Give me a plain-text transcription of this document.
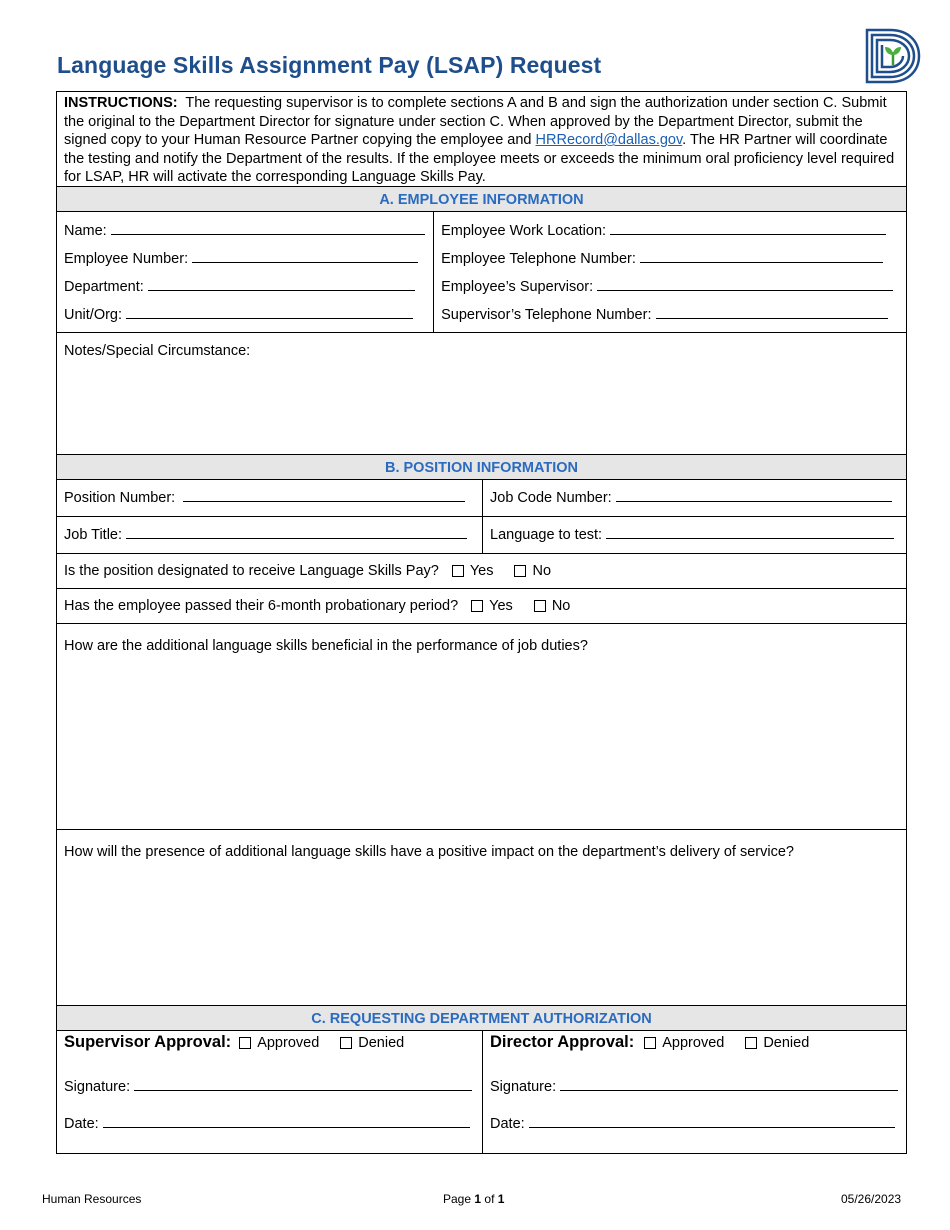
Language Skills Assignment Pay (LSAP) Request
INSTRUCTIONS: The requesting supervisor is to complete sections A and B and sign the authorization under section C. Submit the original to the Department Director for signature under section C. When approved by the Department Director, submit the signed copy to your Human Resource Partner copying the employee and HRRecord@dallas.gov. The HR Partner will coordinate the testing and notify the Department of the results. If the employee meets or exceeds the minimum oral proficiency level required for LSAP, HR will activate the corresponding Language Skills Pay.
A. EMPLOYEE INFORMATION
Name:
Employee Number:
Department:
Unit/Org:
Employee Work Location:
Employee Telephone Number:
Employee’s Supervisor:
Supervisor’s Telephone Number:
Notes/Special Circumstance:
B. POSITION INFORMATION
Position Number:	Job Code Number:
Job Title:	Language to test:
Is the position designated to receive Language Skills Pay? Yes	No
Has the employee passed their 6-month probationary period? Yes	No
How are the additional language skills beneficial in the performance of job duties?
How will the presence of additional language skills have a positive impact on the department’s delivery of service?
C. REQUESTING DEPARTMENT AUTHORIZATION
Supervisor Approval: Approved	Denied
Signature:
Date:
Director Approval: Approved	Denied
Signature:
Date:
Human Resources	Page 1 of 1	05/26/2023
